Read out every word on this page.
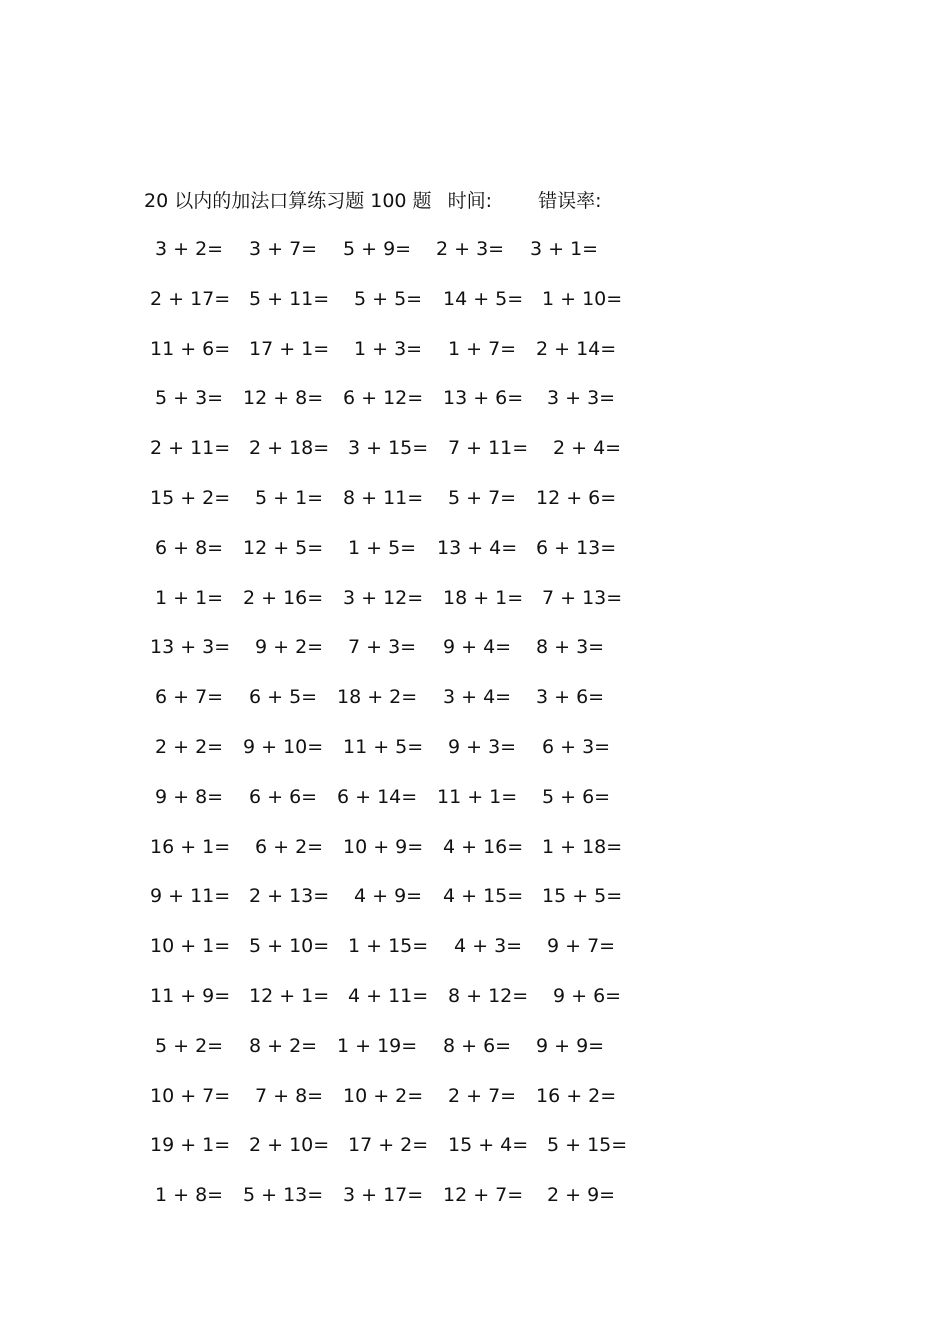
20 以内的加法口算练习题 100 题 时间: 错误率:
3 + 2= 3 + 7= 5 + 9= 2 + 3= 3 + 1=
2 + 17= 5 + 11= 5 + 5= 14 + 5= 1 + 10=
11 + 6= 17 + 1= 1 + 3= 1 + 7= 2 + 14=
5 + 3= 12 + 8= 6 + 12= 13 + 6= 3 + 3=
2 + 11= 2 + 18= 3 + 15= 7 + 11= 2 + 4=
15 + 2= 5 + 1= 8 + 11= 5 + 7= 12 + 6=
6 + 8= 12 + 5= 1 + 5= 13 + 4= 6 + 13=
1 + 1= 2 + 16= 3 + 12= 18 + 1= 7 + 13=
13 + 3= 9 + 2= 7 + 3= 9 + 4= 8 + 3=
6 + 7= 6 + 5= 18 + 2= 3 + 4= 3 + 6=
2 + 2= 9 + 10= 11 + 5= 9 + 3= 6 + 3=
9 + 8= 6 + 6= 6 + 14= 11 + 1= 5 + 6=
16 + 1= 6 + 2= 10 + 9= 4 + 16= 1 + 18=
9 + 11= 2 + 13= 4 + 9= 4 + 15= 15 + 5=
10 + 1= 5 + 10= 1 + 15= 4 + 3= 9 + 7=
11 + 9= 12 + 1= 4 + 11= 8 + 12= 9 + 6=
5 + 2= 8 + 2= 1 + 19= 8 + 6= 9 + 9=
10 + 7= 7 + 8= 10 + 2= 2 + 7= 16 + 2=
19 + 1= 2 + 10= 17 + 2= 15 + 4= 5 + 15=
1 + 8= 5 + 13= 3 + 17= 12 + 7= 2 + 9=
